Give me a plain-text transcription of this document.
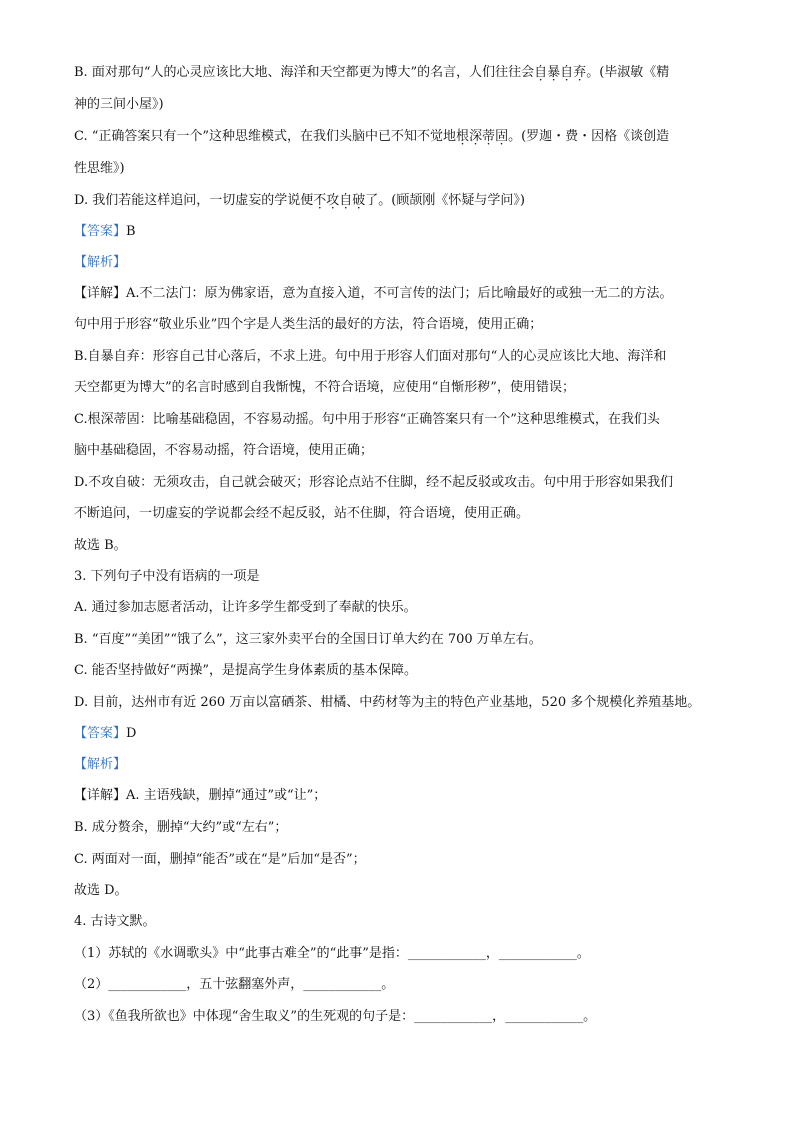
B. 面对那句“人的心灵应该比大地、海洋和天空都更为博大”的名言，人们往往会自暴自弃。(毕淑敏《精

神的三间小屋》)

C. “正确答案只有一个”这种思维模式，在我们头脑中已不知不觉地根深蒂固。(罗迦・费・因格《谈创造

性思维》)

D. 我们若能这样追问，一切虚妄的学说便不攻自破了。(顾颉刚《怀疑与学问》)

【答案】B

【解析】

【详解】A.不二法门：原为佛家语，意为直接入道，不可言传的法门；后比喻最好的或独一无二的方法。

句中用于形容“敬业乐业”四个字是人类生活的最好的方法，符合语境，使用正确；

B.自暴自弃：形容自己甘心落后，不求上进。句中用于形容人们面对那句“人的心灵应该比大地、海洋和

天空都更为博大”的名言时感到自我惭愧，不符合语境，应使用“自惭形秽”，使用错误；

C.根深蒂固：比喻基础稳固，不容易动摇。句中用于形容“正确答案只有一个”这种思维模式，在我们头

脑中基础稳固，不容易动摇，符合语境，使用正确；

D.不攻自破：无须攻击，自己就会破灭；形容论点站不住脚，经不起反驳或攻击。句中用于形容如果我们

不断追问，一切虚妄的学说都会经不起反驳，站不住脚，符合语境，使用正确。

故选 B。

3. 下列句子中没有语病的一项是

A. 通过参加志愿者活动，让许多学生都受到了奉献的快乐。

B. “百度”“美团”“饿了么”，这三家外卖平台的全国日订单大约在 700 万单左右。

C. 能否坚持做好“两操”，是提高学生身体素质的基本保障。

D. 目前，达州市有近 260 万亩以富硒茶、柑橘、中药材等为主的特色产业基地，520 多个规模化养殖基地。

【答案】D

【解析】

【详解】A. 主语残缺，删掉“通过”或“让”；

B. 成分赘余，删掉“大约”或“左右”；

C. 两面对一面，删掉“能否”或在“是”后加“是否”；

故选 D。

4. 古诗文默。

（1）苏轼的《水调歌头》中“此事古难全”的“此事”是指：____________，____________。

（2）____________，五十弦翻塞外声，____________。

（3）《鱼我所欲也》中体现“舍生取义”的生死观的句子是：____________，____________。
